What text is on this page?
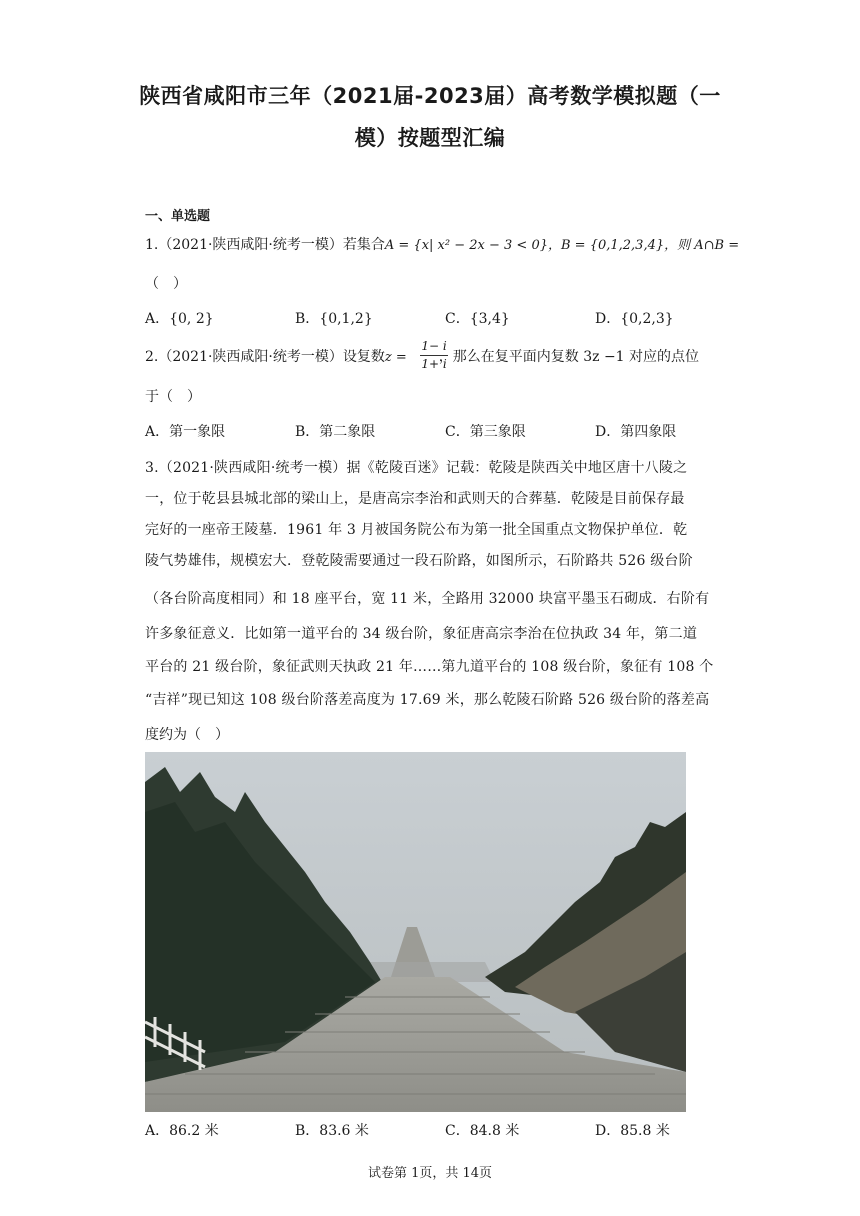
陕西省咸阳市三年（2021届-2023届）高考数学模拟题（一
模）按题型汇编
一、单选题
1.（2021·陕西咸阳·统考一模）若集合A = {x| x² − 2x − 3 < 0}，B = {0,1,2,3,4}，则 A∩B =
（　）
A．{0, 2}	B．{0,1,2}	C．{3,4}	D．{0,2,3}
2.（2021·陕西咸阳·统考一模）设复数z = ，那么在复平面内复数 3z −1 对应的点位
$\frac{1- i}{1+ i}$
于（　）
A．第一象限	B．第二象限	C．第三象限	D．第四象限
3.（2021·陕西咸阳·统考一模）据《乾陵百迷》记载：乾陵是陕西关中地区唐十八陵之
一，位于乾县县城北部的梁山上，是唐高宗李治和武则天的合葬墓．乾陵是目前保存最
完好的一座帝王陵墓．1961 年 3 月被国务院公布为第一批全国重点文物保护单位．乾
陵气势雄伟，规模宏大．登乾陵需要通过一段石阶路，如图所示，石阶路共 526 级台阶
（各台阶高度相同）和 18 座平台，宽 11 米，全路用 32000 块富平墨玉石砌成．右阶有
许多象征意义．比如第一道平台的 34 级台阶，象征唐高宗李治在位执政 34 年，第二道
平台的 21 级台阶，象征武则天执政 21 年……第九道平台的 108 级台阶，象征有 108 个
“吉祥”现已知这 108 级台阶落差高度为 17.69 米，那么乾陵石阶路 526 级台阶的落差高
度约为（　）
A．86.2 米	B．83.6 米	C．84.8 米	D．85.8 米
试卷第 1页，共 14页
